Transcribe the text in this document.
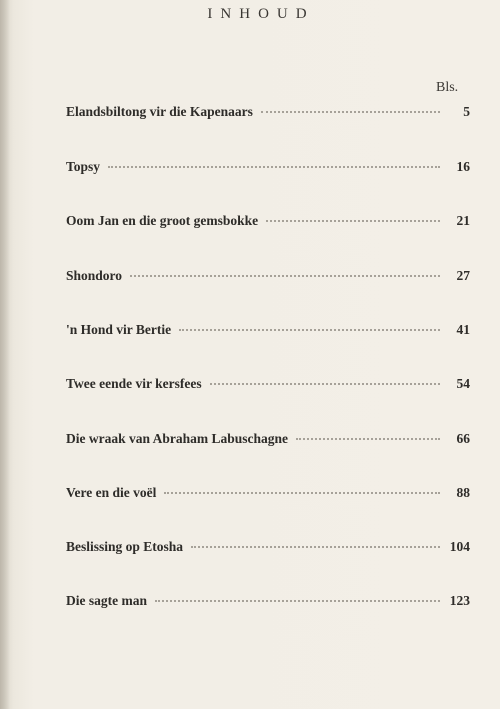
INHOUD
Bls.
Elandsbiltong vir die Kapenaars	5
Topsy	16
Oom Jan en die groot gemsbokke	21
Shondoro	27
'n Hond vir Bertie	41
Twee eende vir kersfees	54
Die wraak van Abraham Labuschagne	66
Vere en die voël	88
Beslissing op Etosha	104
Die sagte man	123
